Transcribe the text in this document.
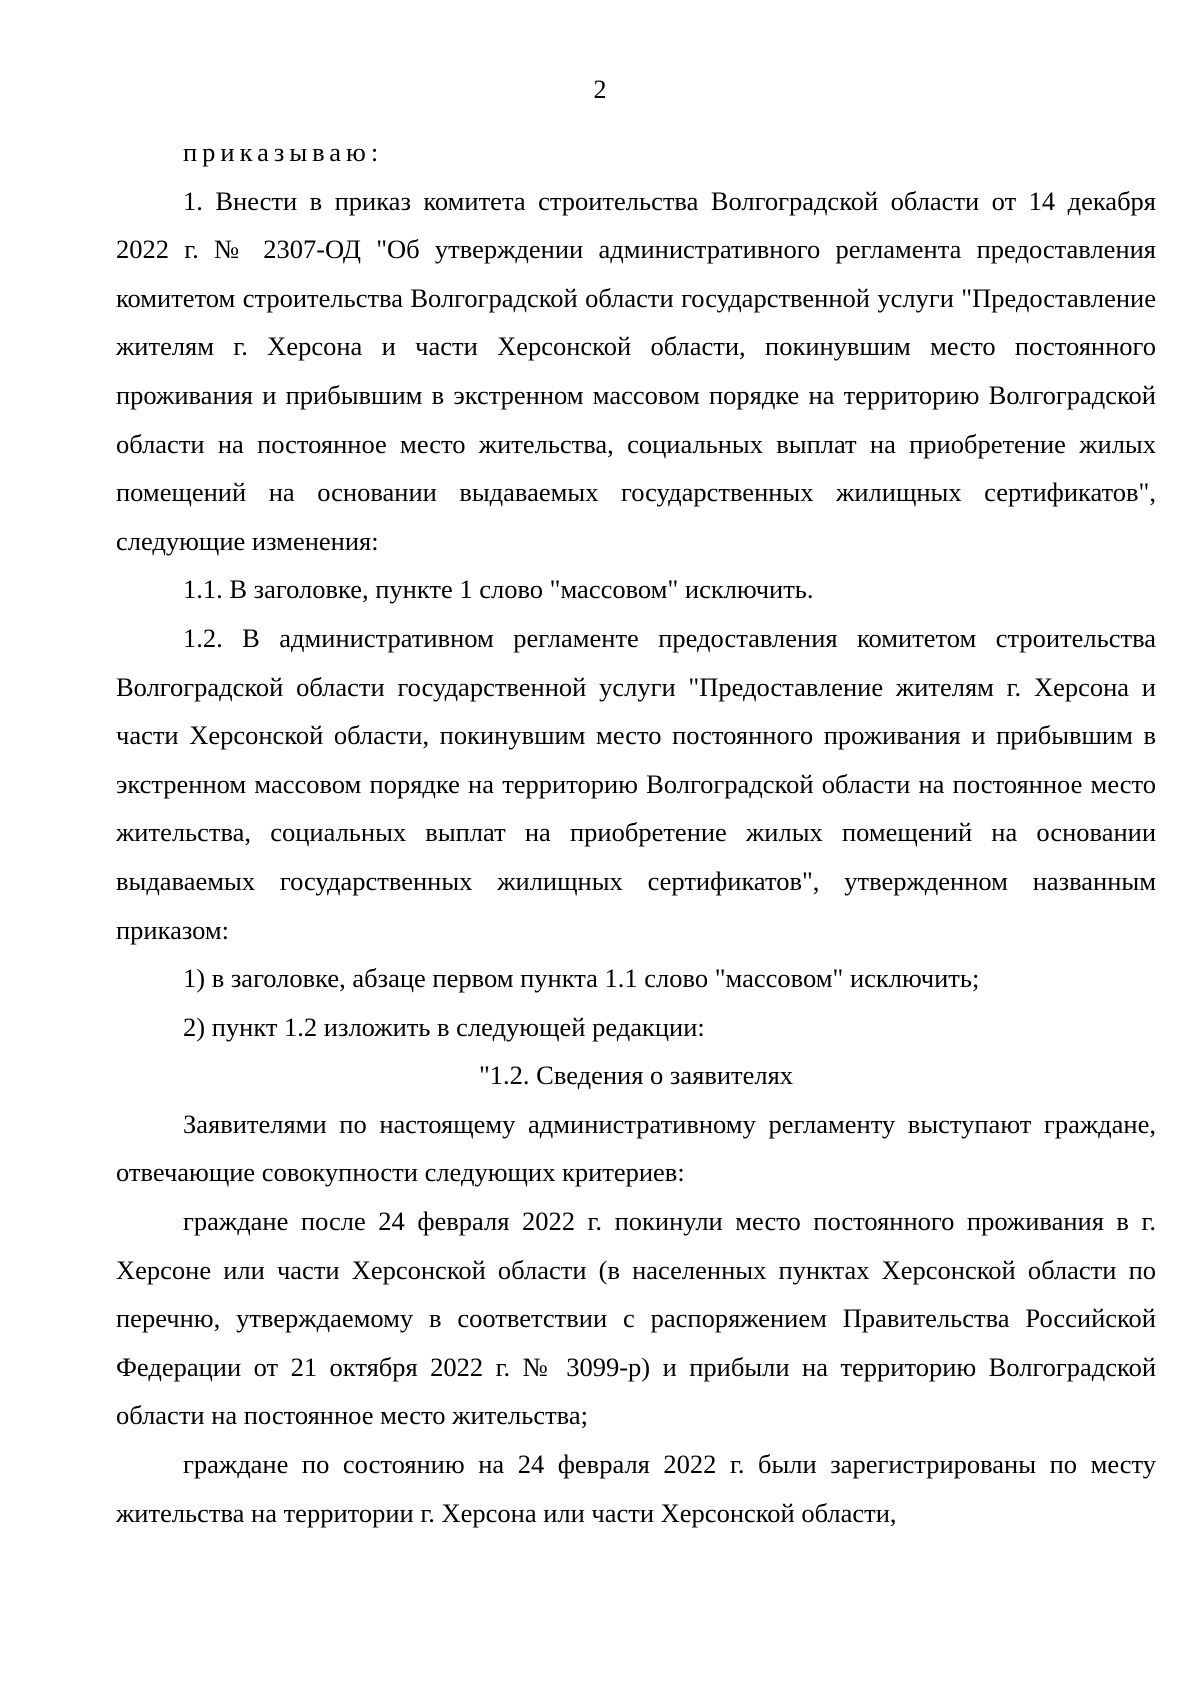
2

приказываю:

1. Внести в приказ комитета строительства Волгоградской области от 14 декабря 2022 г. № 2307-ОД "Об утверждении административного регламента предоставления комитетом строительства Волгоградской области государственной услуги "Предоставление жителям г. Херсона и части Херсонской области, покинувшим место постоянного проживания и прибывшим в экстренном массовом порядке на территорию Волгоградской области на постоянное место жительства, социальных выплат на приобретение жилых помещений на основании выдаваемых государственных жилищных сертификатов", следующие изменения:

1.1. В заголовке, пункте 1 слово "массовом" исключить.

1.2. В административном регламенте предоставления комитетом строительства Волгоградской области государственной услуги "Предоставление жителям г. Херсона и части Херсонской области, покинувшим место постоянного проживания и прибывшим в экстренном массовом порядке на территорию Волгоградской области на постоянное место жительства, социальных выплат на приобретение жилых помещений на основании выдаваемых государственных жилищных сертификатов", утвержденном названным приказом:

1) в заголовке, абзаце первом пункта 1.1 слово "массовом" исключить;

2) пункт 1.2 изложить в следующей редакции:

"1.2. Сведения о заявителях

Заявителями по настоящему административному регламенту выступают граждане, отвечающие совокупности следующих критериев:

граждане после 24 февраля 2022 г. покинули место постоянного проживания в г. Херсоне или части Херсонской области (в населенных пунктах Херсонской области по перечню, утверждаемому в соответствии с распоряжением Правительства Российской Федерации от 21 октября 2022 г. № 3099-р) и прибыли на территорию Волгоградской области на постоянное место жительства;

граждане по состоянию на 24 февраля 2022 г. были зарегистрированы по месту жительства на территории г. Херсона или части Херсонской области,
